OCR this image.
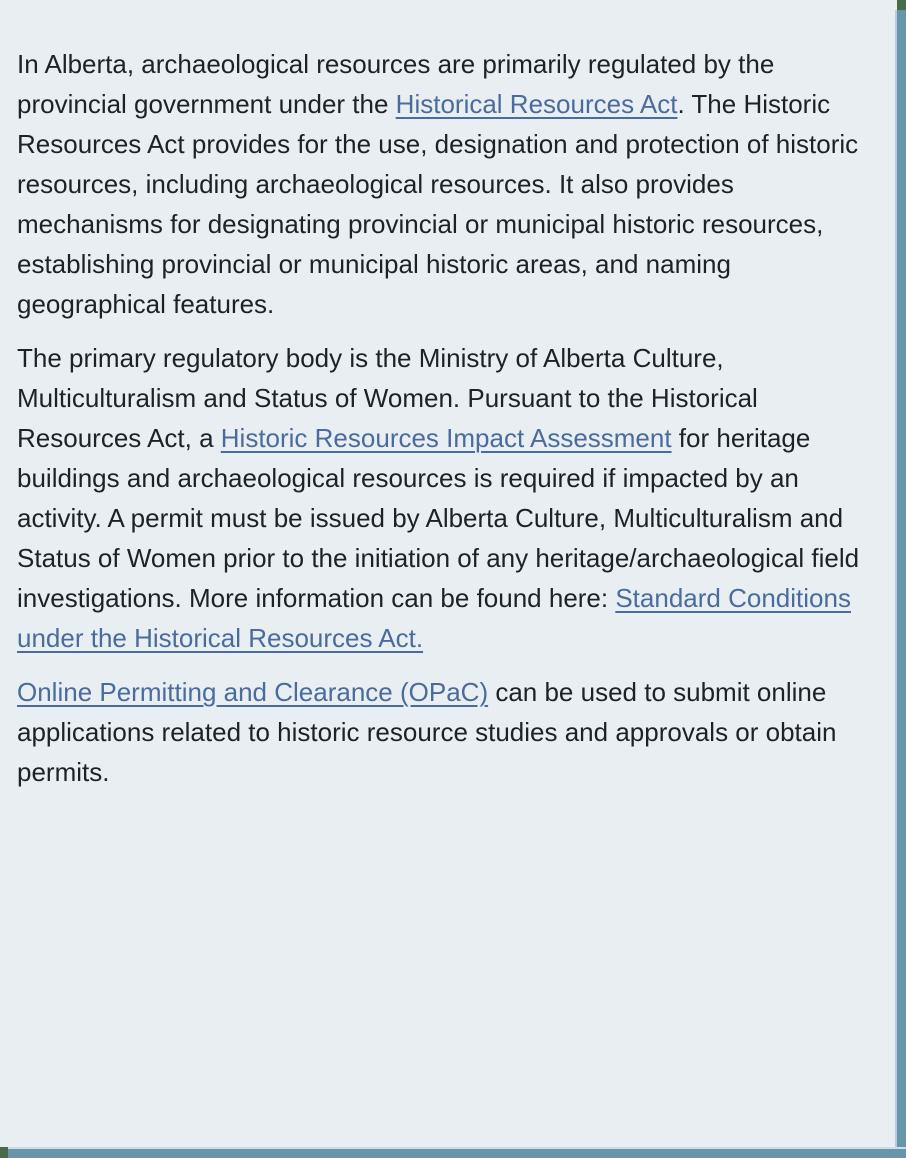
In Alberta, archaeological resources are primarily regulated by the provincial government under the Historical Resources Act. The Historic Resources Act provides for the use, designation and protection of historic resources, including archaeological resources. It also provides mechanisms for designating provincial or municipal historic resources, establishing provincial or municipal historic areas, and naming geographical features.

The primary regulatory body is the Ministry of Alberta Culture, Multiculturalism and Status of Women. Pursuant to the Historical Resources Act, a Historic Resources Impact Assessment for heritage buildings and archaeological resources is required if impacted by an activity. A permit must be issued by Alberta Culture, Multiculturalism and Status of Women prior to the initiation of any heritage/archaeological field investigations. More information can be found here: Standard Conditions under the Historical Resources Act.

Online Permitting and Clearance (OPaC) can be used to submit online applications related to historic resource studies and approvals or obtain permits.
